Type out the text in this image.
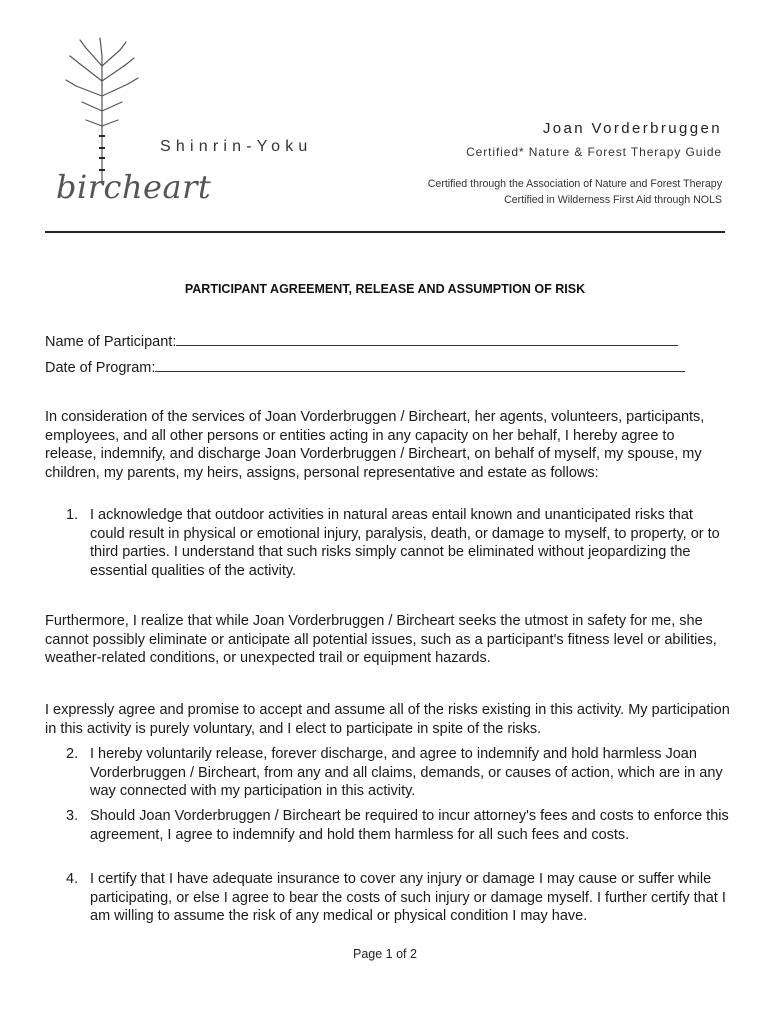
Shinrin-Yoku
bircheart
Joan Vorderbruggen
Certified* Nature & Forest Therapy Guide
Certified through the Association of Nature and Forest Therapy
Certified in Wilderness First Aid through NOLS
PARTICIPANT AGREEMENT, RELEASE AND ASSUMPTION OF RISK
Name of Participant:
Date of Program:
In consideration of the services of Joan Vorderbruggen / Bircheart, her agents, volunteers, participants, employees, and all other persons or entities acting in any capacity on her behalf, I hereby agree to release, indemnify, and discharge Joan Vorderbruggen / Bircheart, on behalf of myself, my spouse, my children, my parents, my heirs, assigns, personal representative and estate as follows:
1. I acknowledge that outdoor activities in natural areas entail known and unanticipated risks that could result in physical or emotional injury, paralysis, death, or damage to myself, to property, or to third parties. I understand that such risks simply cannot be eliminated without jeopardizing the essential qualities of the activity.
Furthermore, I realize that while Joan Vorderbruggen / Bircheart seeks the utmost in safety for me, she cannot possibly eliminate or anticipate all potential issues, such as a participant's fitness level or abilities, weather-related conditions, or unexpected trail or equipment hazards.
I expressly agree and promise to accept and assume all of the risks existing in this activity. My participation in this activity is purely voluntary, and I elect to participate in spite of the risks.
2. I hereby voluntarily release, forever discharge, and agree to indemnify and hold harmless Joan Vorderbruggen / Bircheart, from any and all claims, demands, or causes of action, which are in any way connected with my participation in this activity.
3. Should Joan Vorderbruggen / Bircheart be required to incur attorney's fees and costs to enforce this agreement, I agree to indemnify and hold them harmless for all such fees and costs.
4. I certify that I have adequate insurance to cover any injury or damage I may cause or suffer while participating, or else I agree to bear the costs of such injury or damage myself. I further certify that I am willing to assume the risk of any medical or physical condition I may have.
Page 1 of 2
